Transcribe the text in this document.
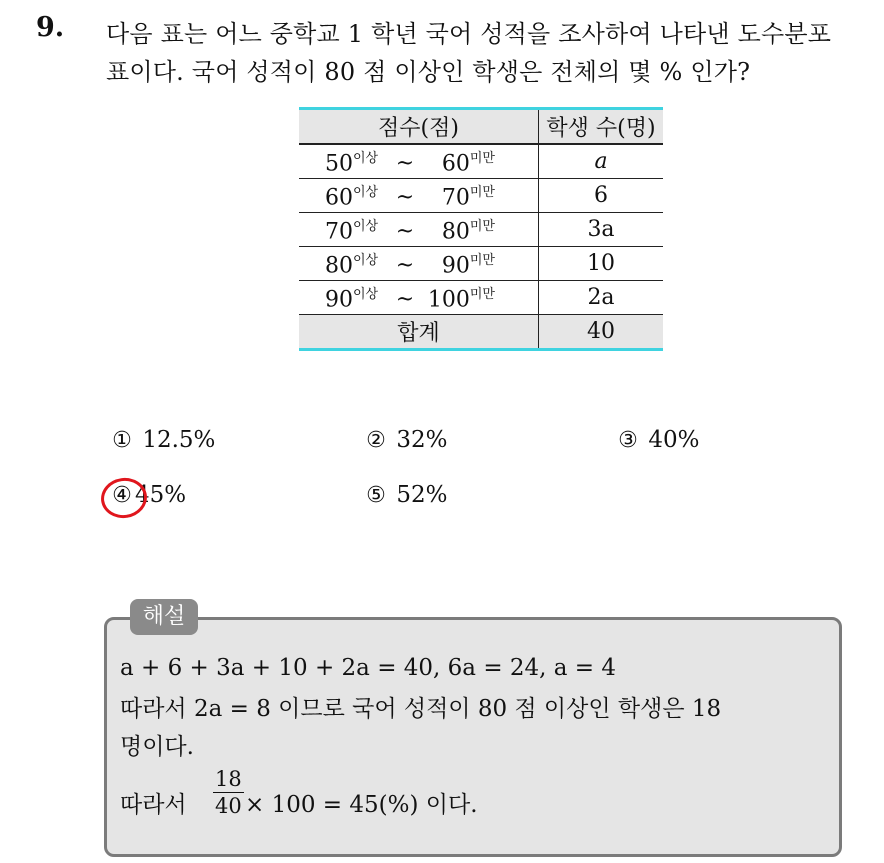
9. 다음 표는 어느 중학교 1 학년 국어 성적을 조사하여 나타낸 도수분포
표이다. 국어 성적이 80 점 이상인 학생은 전체의 몇 % 인가?
점수(점)	학생 수(명)
$50^{이상}$ ~ $60^{미만}$	a
$60^{이상}$ ~ $70^{미만}$	6
$70^{이상}$ ~ $80^{미만}$	3a
$80^{이상}$ ~ $90^{미만}$	10
$90^{이상}$ ~ $100^{미만}$	2a
합계	40
① 12.5%	② 32%	③ 40%
④ 45%	⑤ 52%
해설
a + 6 + 3a + 10 + 2a = 40, 6a = 24, a = 4
따라서 2a = 8 이므로 국어 성적이 80 점 이상인 학생은 18
명이다.
따라서 $\frac{18}{40} \times 100 = 45(\%)$ 이다.
